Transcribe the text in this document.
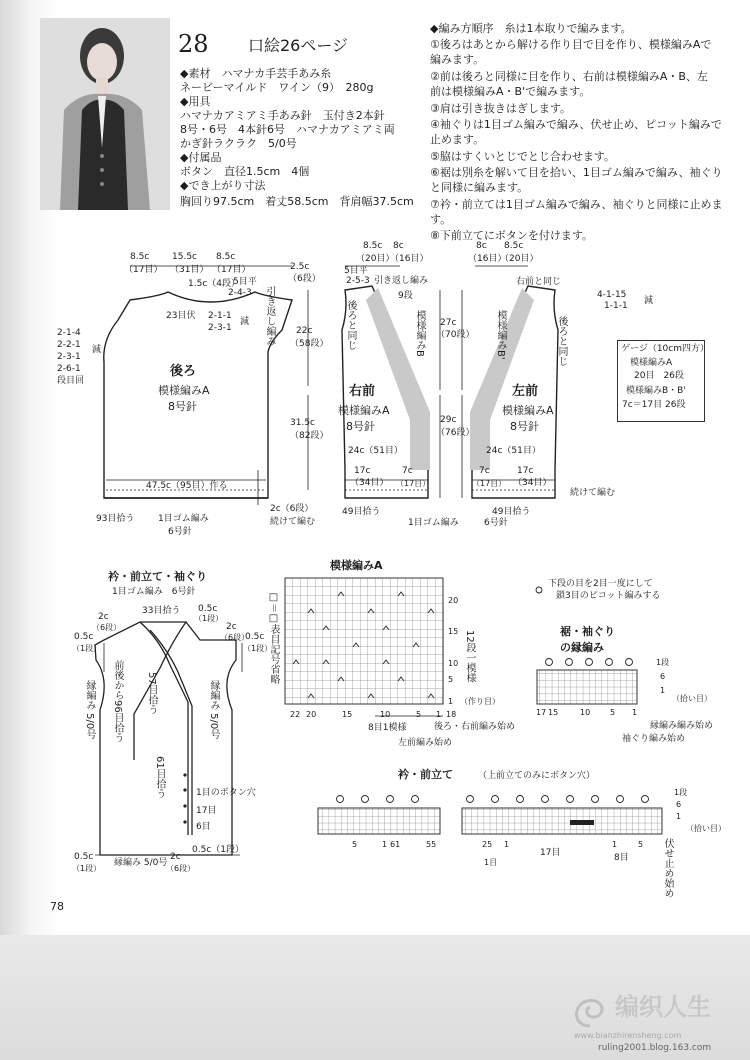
28 口絵26ページ
◆素材　ハマナカ手芸手あみ糸
ネービーマイルド　ワイン（9）　280g
◆用具
ハマナカアミアミ手あみ針　玉付き2本針
8号・6号　4本針6号　ハマナカアミアミ両
かぎ針ラクラク　5/0号
◆付属品
ボタン　直径1.5cm　4個
◆でき上がり寸法
胸回り97.5cm　着丈58.5cm　背肩幅37.5cm
◆編み方順序　糸は1本取りで編みます。
①後ろはあとから解ける作り目で目を作り、模様編みAで
編みます。
②前は後ろと同様に目を作り、右前は模様編みA・B、左
前は模様編みA・B'で編みます。
③肩は引き抜きはぎします。
④袖ぐりは1目ゴム編みで編み、伏せ止め、ピコット編みで
止めます。
⑤脇はすくいとじでとじ合わせます。
⑥裾は別糸を解いて目を拾い、1目ゴム編みで編み、袖ぐり
と同様に編みます。
⑦衿・前立ては1目ゴム編みで編み、袖ぐりと同様に止めま
す。
⑧下前立てにボタンを付けます。
8.5c	15.5c 8.5c
（17目） （31目） （17目）
1.5c（4段）
5目平
2-4-3 引き返し編み
23目伏 2-1-1
2-3-1
減
2-1-4
2-2-1
2-3-1
2-6-1
減
段目回
後ろ
模様編みA
8号針
47.5c（95目）作る
93目拾う	1目ゴム編み
6号針
2c（6段）
続けて編む
2.5c
（6段）
22c
（58段）
31.5c
（82段）
8.5c 8c
（20目）
（16目）
5目平
2-5-3 引き返し編み
9段
後ろと同じ	模様編みB
右前
模様編みA
8号針
24c（51目）
17c
（34目）
7c
（17目）
49目拾う
8c 8.5c
（16目）
（20目）
右前と同じ
後ろと同じ
模様編みB'
左前
模様編みA
8号針
24c（51目）
17c
（34目）
7c
（17目）
49目拾う
続けて編む
4-1-15
1-1-1 減
27c
（70段）
29c
（76段）
1目ゴム編み	6号針
ゲージ（10cm四方）
模様編みA
20目　26段
模様編みB・B'
7c＝17目 26段
衿・前立て・袖ぐり
1目ゴム編み　6号針
33目拾う 0.5c
（1段）
2c
（6段）	2c
（6段）
0.5c
（1段）
0.5c
（1段）
前後から96目拾う 57目拾う
61目拾う
縁編み 5/0号	縁編み 5/0号
1目のボタン穴
17目
6目
0.5c（1段）
0.5c
（1段）
縁編み 5/0号
2c
（6段）
模様編みA
□＝□表目記号省略	20
15
10
5
1
12段一模様
（作り目）
22 20	15	10	5 1 18
8目1模様	後ろ・右前編み始め
左前編み始め
下段の目を2目一度にして
鎖3目のピコット編みする
裾・袖ぐり
の縁編み
17 15	10 5 1
1段
6
1
（拾い目）
縁編み編み始め
袖ぐり編み始め
衿・前立て	（上前立てのみにボタン穴）
5	1 61	55	25 1
17目
1	5
8目
1目
1段
6
1
（拾い目）
伏せ止め始め
78
编织人生
www.bianzhirensheng.com
ruling2001.blog.163.com
